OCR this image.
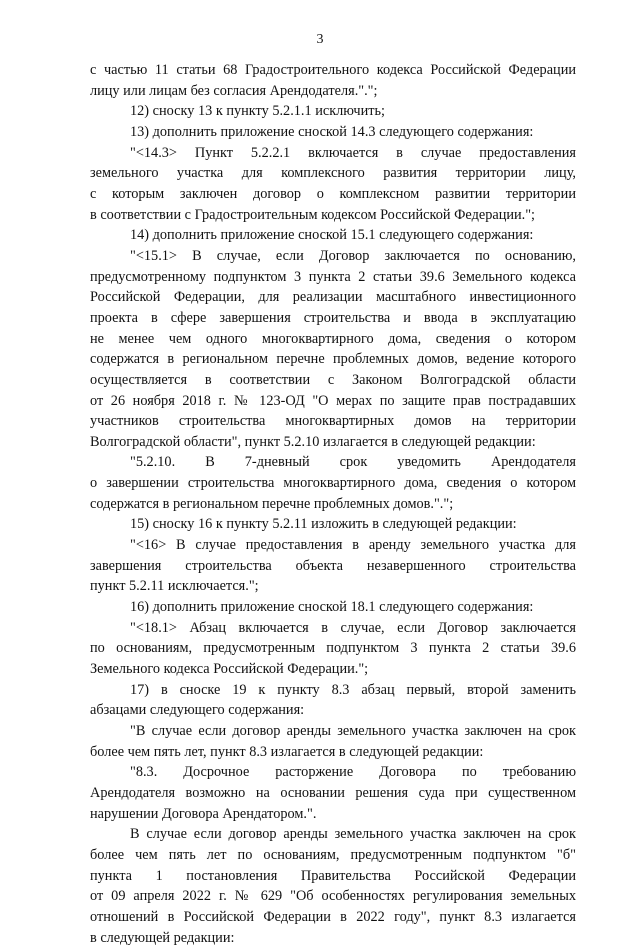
3
с частью 11 статьи 68 Градостроительного кодекса Российской Федерации
лицу или лицам без согласия Арендодателя.".";
12) сноску 13 к пункту 5.2.1.1 исключить;
13) дополнить приложение сноской 14.3 следующего содержания:
"<14.3> Пункт 5.2.2.1 включается в случае предоставления
земельного участка для комплексного развития территории лицу,
с которым заключен договор о комплексном развитии территории
в соответствии с Градостроительным кодексом Российской Федерации.";
14) дополнить приложение сноской 15.1 следующего содержания:
"<15.1> В случае, если Договор заключается по основанию,
предусмотренному подпунктом 3 пункта 2 статьи 39.6 Земельного кодекса
Российской Федерации, для реализации масштабного инвестиционного
проекта в сфере завершения строительства и ввода в эксплуатацию
не менее чем одного многоквартирного дома, сведения о котором
содержатся в региональном перечне проблемных домов, ведение которого
осуществляется в соответствии с Законом Волгоградской области
от 26 ноября 2018 г. № 123-ОД "О мерах по защите прав пострадавших
участников строительства многоквартирных домов на территории
Волгоградской области", пункт 5.2.10 излагается в следующей редакции:
"5.2.10. В 7-дневный срок уведомить Арендодателя
о завершении строительства многоквартирного дома, сведения о котором
содержатся в региональном перечне проблемных домов.".";
15) сноску 16 к пункту 5.2.11 изложить в следующей редакции:
"<16> В случае предоставления в аренду земельного участка для
завершения строительства объекта незавершенного строительства
пункт 5.2.11 исключается.";
16) дополнить приложение сноской 18.1 следующего содержания:
"<18.1> Абзац включается в случае, если Договор заключается
по основаниям, предусмотренным подпунктом 3 пункта 2 статьи 39.6
Земельного кодекса Российской Федерации.";
17) в сноске 19 к пункту 8.3 абзац первый, второй заменить
абзацами следующего содержания:
"В случае если договор аренды земельного участка заключен на срок
более чем пять лет, пункт 8.3 излагается в следующей редакции:
"8.3. Досрочное расторжение Договора по требованию
Арендодателя возможно на основании решения суда при существенном
нарушении Договора Арендатором.".
В случае если договор аренды земельного участка заключен на срок
более чем пять лет по основаниям, предусмотренным подпунктом "б"
пункта 1 постановления Правительства Российской Федерации
от 09 апреля 2022 г. № 629 "Об особенностях регулирования земельных
отношений в Российской Федерации в 2022 году", пункт 8.3 излагается
в следующей редакции:
